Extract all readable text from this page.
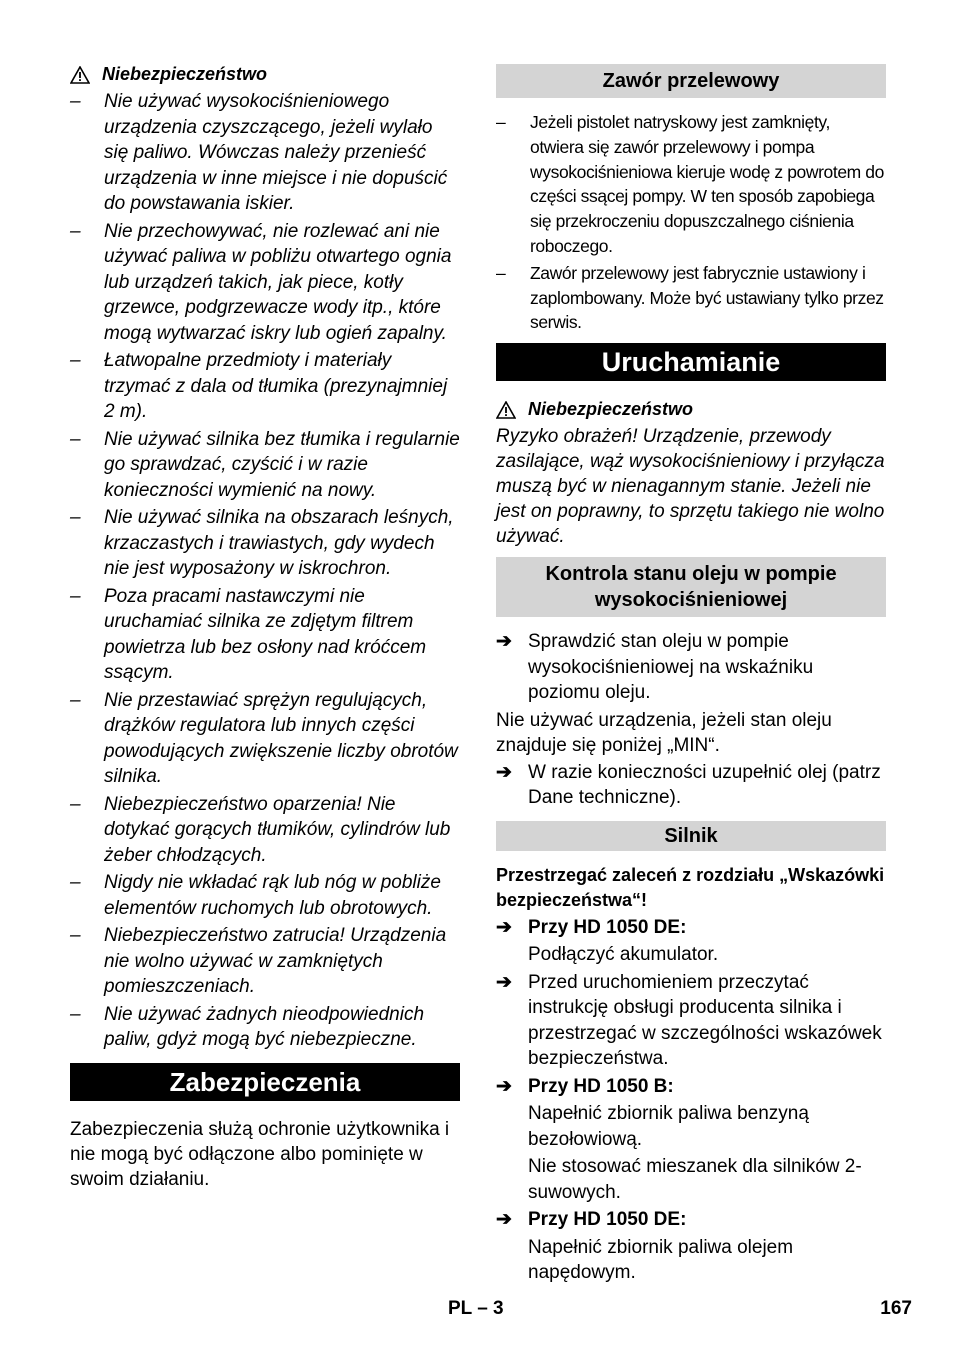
Niebezpieczeństwo
–	Nie używać wysokociśnieniowego urządzenia czyszczącego, jeżeli wylało się paliwo. Wówczas należy przenieść urządzenia w inne miejsce i nie dopuścić do powstawania iskier.
–	Nie przechowywać, nie rozlewać ani nie używać paliwa w pobliżu otwartego ognia lub urządzeń takich, jak piece, kotły grzewce, podgrzewacze wody itp., które mogą wytwarzać iskry lub ogień zapalny.
–	Łatwopalne przedmioty i materiały trzymać z dala od tłumika (prezynajmniej 2 m).
–	Nie używać silnika bez tłumika i regularnie go sprawdzać, czyścić i w razie konieczności wymienić na nowy.
–	Nie używać silnika na obszarach leśnych, krzaczastych i trawiastych, gdy wydech nie jest wyposażony w iskrochron.
–	Poza pracami nastawczymi nie uruchamiać silnika ze zdjętym filtrem powietrza lub bez osłony nad króćcem ssącym.
–	Nie przestawiać sprężyn regulujących, drążków regulatora lub innych części powodujących zwiększenie liczby obrotów silnika.
–	Niebezpieczeństwo oparzenia! Nie dotykać gorących tłumików, cylindrów lub żeber chłodzących.
–	Nigdy nie wkładać rąk lub nóg w pobliże elementów ruchomych lub obrotowych.
–	Niebezpieczeństwo zatrucia! Urządzenia nie wolno używać w zamkniętych pomieszczeniach.
–	Nie używać żadnych nieodpowiednich paliw, gdyż mogą być niebezpieczne.
Zabezpieczenia
Zabezpieczenia służą ochronie użytkownika i nie mogą być odłączone albo pominięte w swoim działaniu.
Zawór przelewowy
–	Jeżeli pistolet natryskowy jest zamknięty, otwiera się zawór przelewowy i pompa wysokociśnieniowa kieruje wodę z powrotem do części ssącej pompy. W ten sposób zapobiega się przekroczeniu dopuszczalnego ciśnienia roboczego.
–	Zawór przelewowy jest fabrycznie ustawiony i zaplombowany. Może być ustawiany tylko przez serwis.
Uruchamianie
Niebezpieczeństwo
Ryzyko obrażeń! Urządzenie, przewody zasilające, wąż wysokociśnieniowy i przyłącza muszą być w nienagannym stanie. Jeżeli nie jest on poprawny, to sprzętu takiego nie wolno używać.
Kontrola stanu oleju w pompie wysokociśnieniowej
➔ Sprawdzić stan oleju w pompie wysokociśnieniowej na wskaźniku poziomu oleju.
Nie używać urządzenia, jeżeli stan oleju znajduje się poniżej „MIN“.
➔ W razie konieczności uzupełnić olej (patrz Dane techniczne).
Silnik
Przestrzegać zaleceń z rozdziału „Wskazówki bezpieczeństwa“!
➔ Przy HD 1050 DE:
Podłączyć akumulator.
➔ Przed uruchomieniem przeczytać instrukcję obsługi producenta silnika i przestrzegać w szczególności wskazówek bezpieczeństwa.
➔ Przy HD 1050 B:
Napełnić zbiornik paliwa benzyną bezołowiową.
Nie stosować mieszanek dla silników 2-suwowych.
➔ Przy HD 1050 DE:
Napełnić zbiornik paliwa olejem napędowym.
PL – 3	167
